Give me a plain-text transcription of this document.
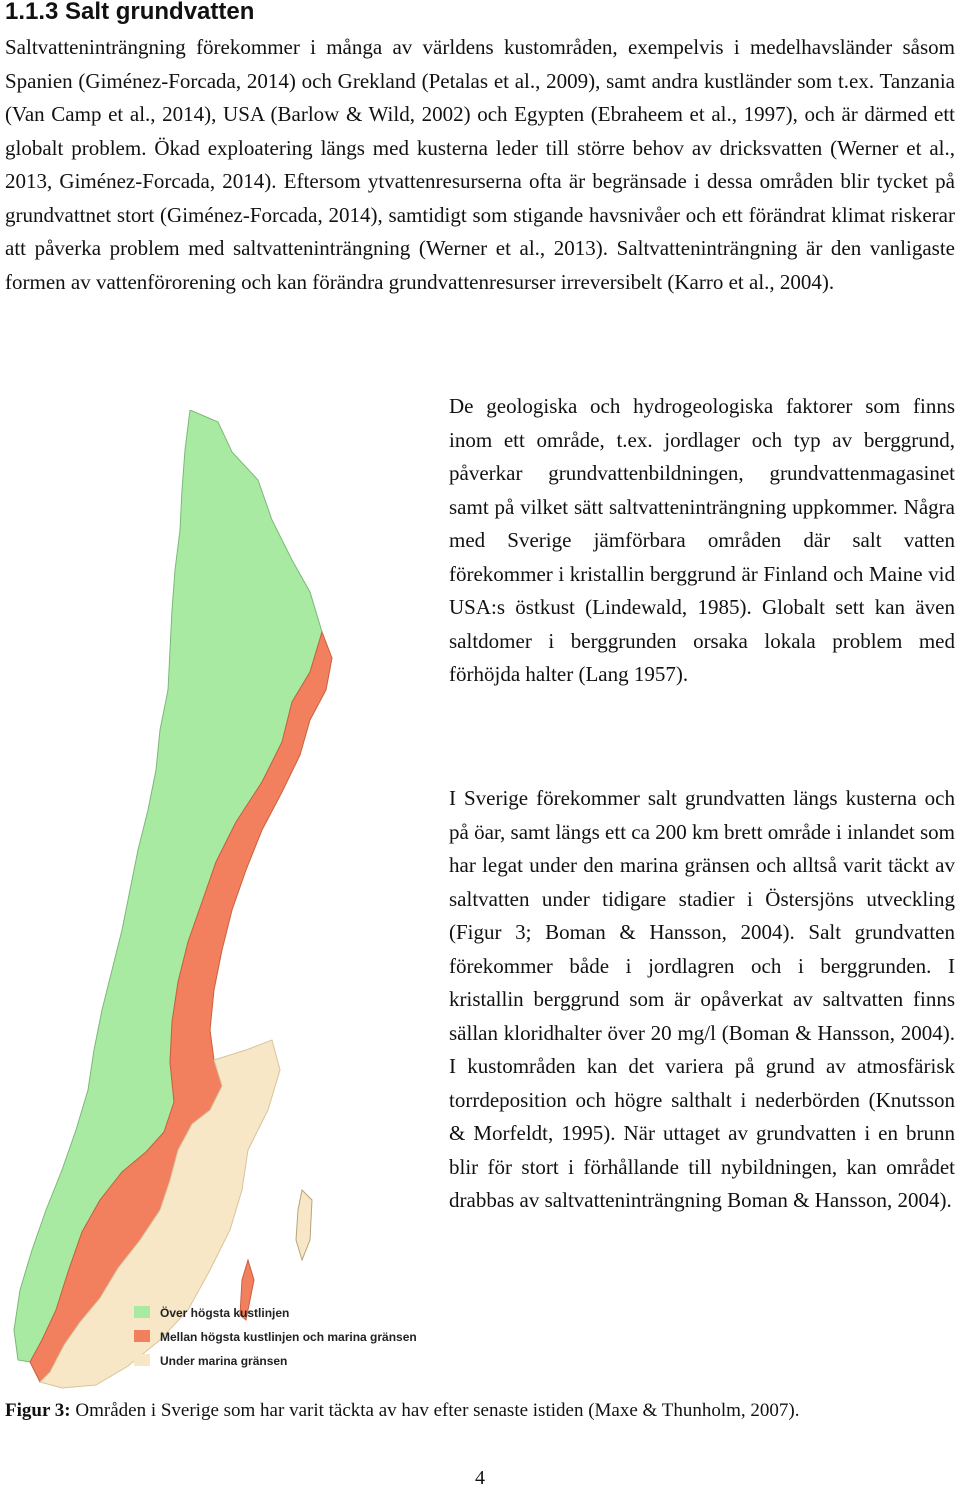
1.1.3 Salt grundvatten

Saltvatteninträngning förekommer i många av världens kustområden, exempelvis i medelhavsländer såsom Spanien (Giménez-Forcada, 2014) och Grekland (Petalas et al., 2009), samt andra kustländer som t.ex. Tanzania (Van Camp et al., 2014), USA (Barlow & Wild, 2002) och Egypten (Ebraheem et al., 1997), och är därmed ett globalt problem. Ökad exploatering längs med kusterna leder till större behov av dricksvatten (Werner et al., 2013, Giménez-Forcada, 2014). Eftersom ytvattenresurserna ofta är begränsade i dessa områden blir tycket på grundvattnet stort (Giménez-Forcada, 2014), samtidigt som stigande havsnivåer och ett förändrat klimat riskerar att påverka problem med saltvatteninträngning (Werner et al., 2013). Saltvatteninträngning är den vanligaste formen av vattenförorening och kan förändra grundvattenresurser irreversibelt (Karro et al., 2004).

Över högsta kustlinjen
Mellan högsta kustlinjen och marina gränsen
Under marina gränsen

De geologiska och hydrogeologiska faktorer som finns inom ett område, t.ex. jordlager och typ av berggrund, påverkar grundvattenbildningen, grundvattenmagasinet samt på vilket sätt saltvatteninträngning uppkommer. Några med Sverige jämförbara områden där salt vatten förekommer i kristallin berggrund är Finland och Maine vid USA:s östkust (Lindewald, 1985). Globalt sett kan även saltdomer i berggrunden orsaka lokala problem med förhöjda halter (Lang 1957).

I Sverige förekommer salt grundvatten längs kusterna och på öar, samt längs ett ca 200 km brett område i inlandet som har legat under den marina gränsen och alltså varit täckt av saltvatten under tidigare stadier i Östersjöns utveckling (Figur 3; Boman & Hansson, 2004). Salt grundvatten förekommer både i jordlagren och i berggrunden. I kristallin berggrund som är opåverkat av saltvatten finns sällan kloridhalter över 20 mg/l (Boman & Hansson, 2004). I kustområden kan det variera på grund av atmosfärisk torrdeposition och högre salthalt i nederbörden (Knutsson & Morfeldt, 1995). När uttaget av grundvatten i en brunn blir för stort i förhållande till nybildningen, kan området drabbas av saltvatteninträngning Boman & Hansson, 2004).

Figur 3: Områden i Sverige som har varit täckta av hav efter senaste istiden (Maxe & Thunholm, 2007).

4
